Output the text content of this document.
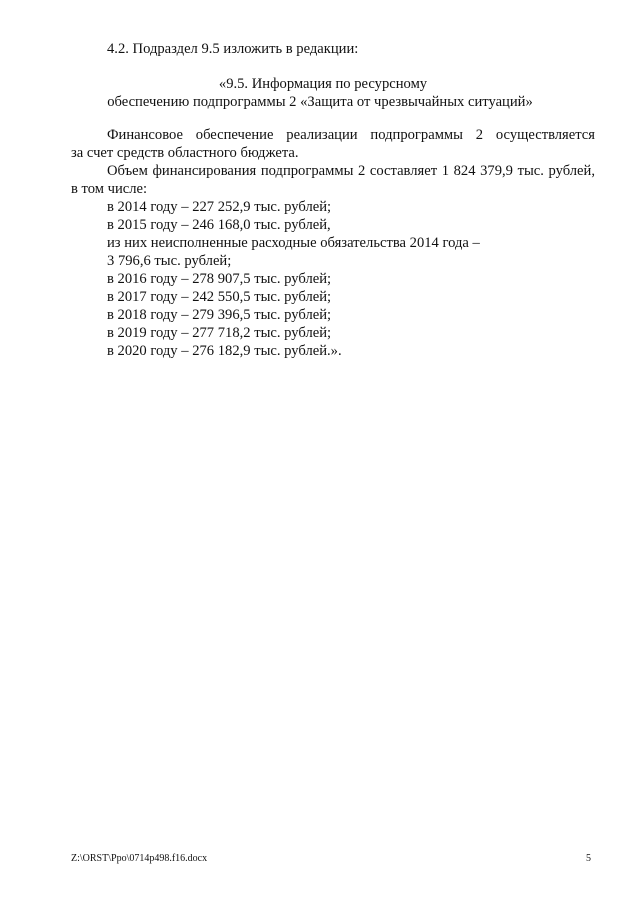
4.2. Подраздел 9.5 изложить в редакции:
«9.5. Информация по ресурсному
обеспечению подпрограммы 2 «Защита от чрезвычайных ситуаций»
Финансовое обеспечение реализации подпрограммы 2 осуществляется
за счет средств областного бюджета.
Объем финансирования подпрограммы 2 составляет 1 824 379,9 тыс. рублей,
в том числе:
в 2014 году – 227 252,9 тыс. рублей;
в 2015 году – 246 168,0 тыс. рублей,
из них неисполненные расходные обязательства 2014 года –
3 796,6 тыс. рублей;
в 2016 году – 278 907,5 тыс. рублей;
в 2017 году – 242 550,5 тыс. рублей;
в 2018 году – 279 396,5 тыс. рублей;
в 2019 году – 277 718,2 тыс. рублей;
в 2020 году – 276 182,9 тыс. рублей.».
Z:\ORST\Ppo\0714p498.f16.docx	5
